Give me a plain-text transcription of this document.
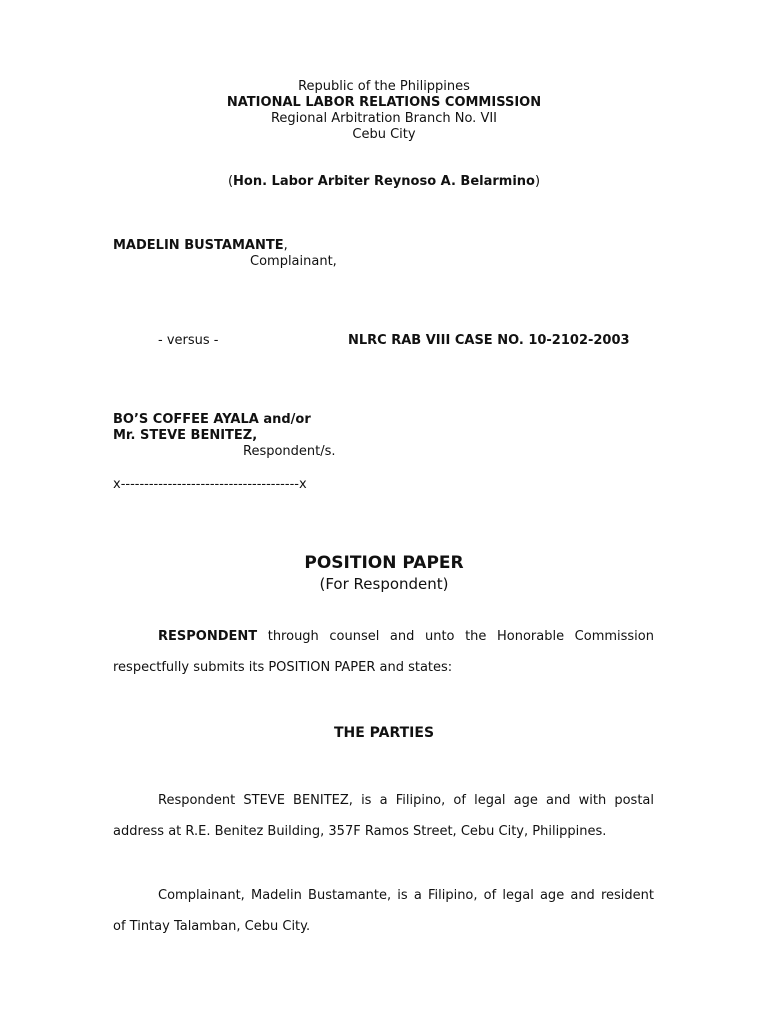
Republic of the Philippines
NATIONAL LABOR RELATIONS COMMISSION
Regional Arbitration Branch No. VII
Cebu City
(Hon. Labor Arbiter Reynoso A. Belarmino)
MADELIN BUSTAMANTE,
Complainant,
- versus -	NLRC RAB VIII CASE NO. 10-2102-2003
BO’S COFFEE AYALA and/or
Mr. STEVE BENITEZ,
Respondent/s.
x--------------------------------------x
POSITION PAPER
(For Respondent)
RESPONDENT through counsel and unto the Honorable Commission
respectfully submits its POSITION PAPER and states:
THE PARTIES
Respondent STEVE BENITEZ, is a Filipino, of legal age and with postal
address at R.E. Benitez Building, 357F Ramos Street, Cebu City, Philippines.
Complainant, Madelin Bustamante, is a Filipino, of legal age and resident
of Tintay Talamban, Cebu City.
